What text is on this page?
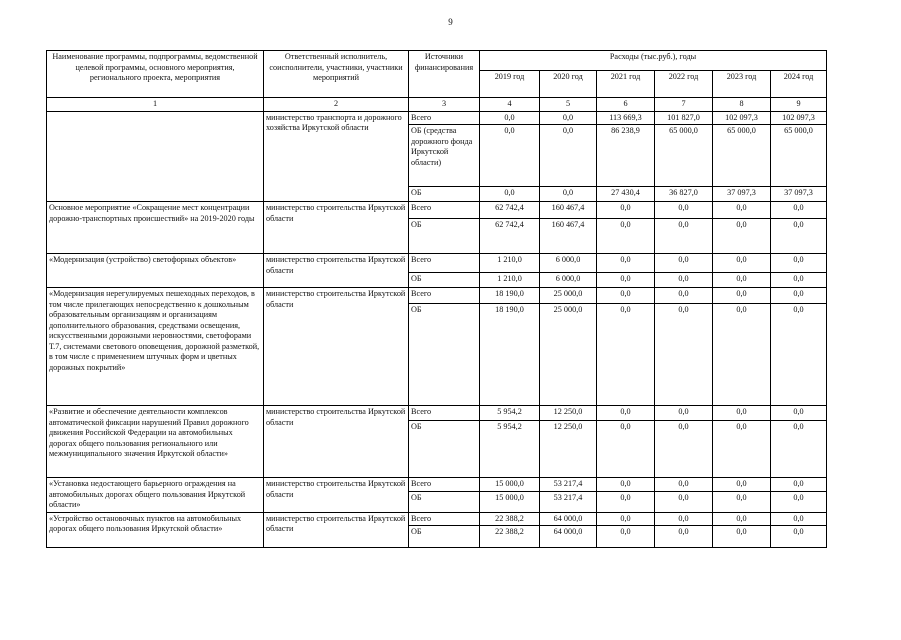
9
Наименование программы, подпрограммы, ведомственной целевой программы, основного мероприятия, регионального проекта, мероприятия	Ответственный исполнитель, соисполнители, участники, участники мероприятий	Источники финансирования	Расходы (тыс.руб.), годы					
			2019 год	2020 год	2021 год	2022 год	2023 год	2024 год
1	2	3	4	5	6	7	8	9
	министерство транспорта и дорожного хозяйства Иркутской области	Всего	0,0	0,0	113 669,3	101 827,0	102 097,3	102 097,3
		ОБ (средства дорожного фонда Иркутской области)	0,0	0,0	86 238,9	65 000,0	65 000,0	65 000,0
		ОБ	0,0	0,0	27 430,4	36 827,0	37 097,3	37 097,3
Основное мероприятие «Сокращение мест концентрации дорожно-транспортных происшествий» на 2019-2020 годы	министерство строительства Иркутской области	Всего	62 742,4	160 467,4	0,0	0,0	0,0	0,0
		ОБ	62 742,4	160 467,4	0,0	0,0	0,0	0,0
«Модернизация (устройство) светофорных объектов»	министерство строительства Иркутской области	Всего	1 210,0	6 000,0	0,0	0,0	0,0	0,0
		ОБ	1 210,0	6 000,0	0,0	0,0	0,0	0,0
«Модернизация нерегулируемых пешеходных переходов, в том числе прилегающих непосредственно к дошкольным образовательным организациям и организациям дополнительного образования, средствами освещения, искусственными дорожными неровностями, светофорами Т.7, системами светового оповещения, дорожной разметкой, в том числе с применением штучных форм и цветных дорожных покрытий»	министерство строительства Иркутской области	Всего	18 190,0	25 000,0	0,0	0,0	0,0	0,0
		ОБ	18 190,0	25 000,0	0,0	0,0	0,0	0,0
«Развитие и обеспечение деятельности комплексов автоматической фиксации нарушений Правил дорожного движения Российской Федерации на автомобильных дорогах общего пользования регионального или межмуниципального значения Иркутской области»	министерство строительства Иркутской области	Всего	5 954,2	12 250,0	0,0	0,0	0,0	0,0
		ОБ	5 954,2	12 250,0	0,0	0,0	0,0	0,0
«Установка недостающего барьерного ограждения на автомобильных дорогах общего пользования Иркутской области»	министерство строительства Иркутской области	Всего	15 000,0	53 217,4	0,0	0,0	0,0	0,0
		ОБ	15 000,0	53 217,4	0,0	0,0	0,0	0,0
«Устройство остановочных пунктов на автомобильных дорогах общего пользования Иркутской области»	министерство строительства Иркутской области	Всего	22 388,2	64 000,0	0,0	0,0	0,0	0,0
		ОБ	22 388,2	64 000,0	0,0	0,0	0,0	0,0
